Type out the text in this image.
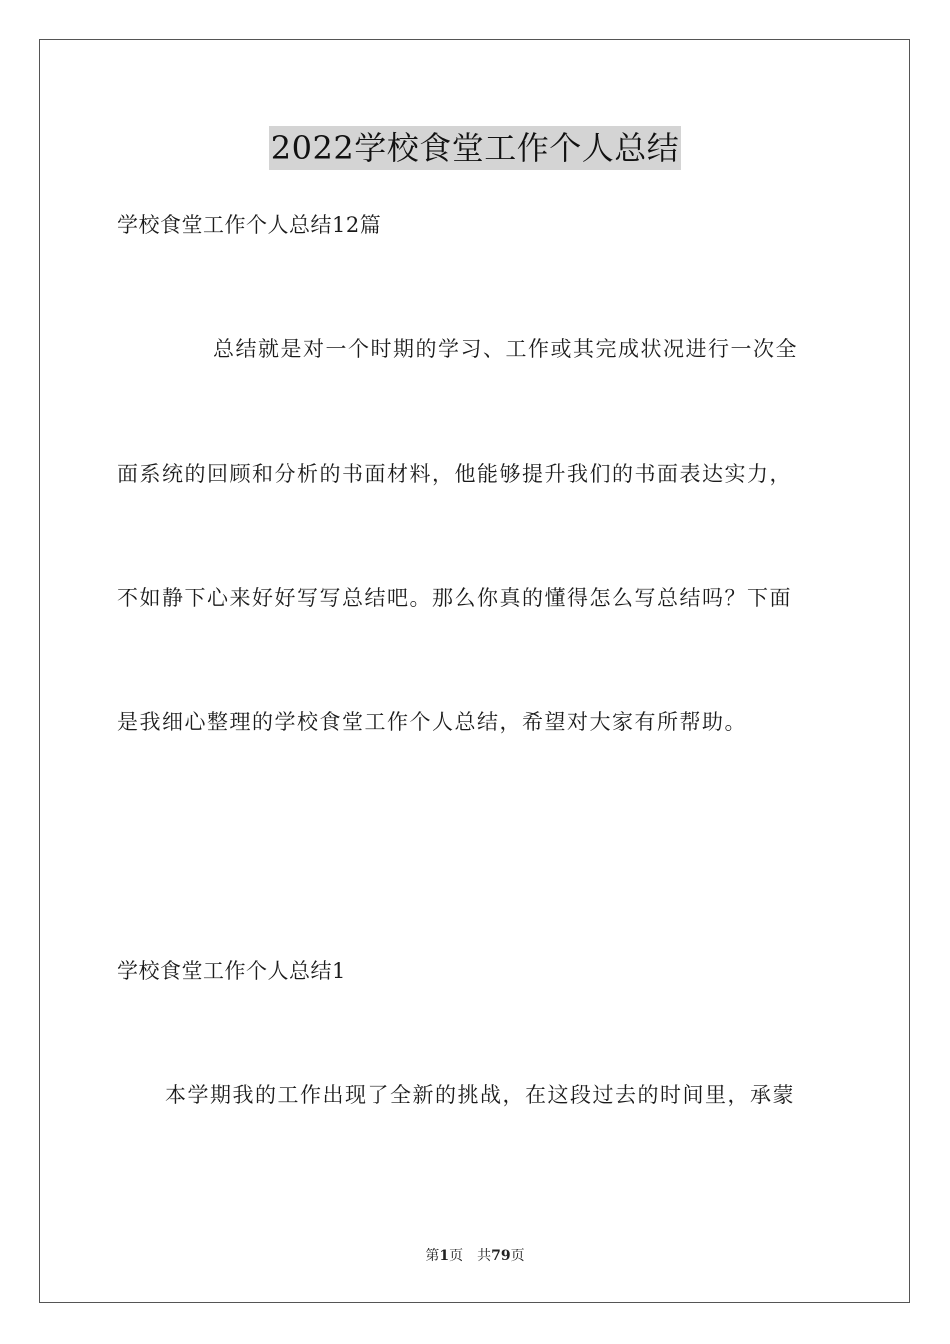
2022学校食堂工作个人总结
学校食堂工作个人总结12篇
总结就是对一个时期的学习、工作或其完成状况进行一次全
面系统的回顾和分析的书面材料，他能够提升我们的书面表达实力，
不如静下心来好好写写总结吧。那么你真的懂得怎么写总结吗？下面
是我细心整理的学校食堂工作个人总结，希望对大家有所帮助。
学校食堂工作个人总结1
本学期我的工作出现了全新的挑战，在这段过去的时间里，承蒙
第1页 共79页
